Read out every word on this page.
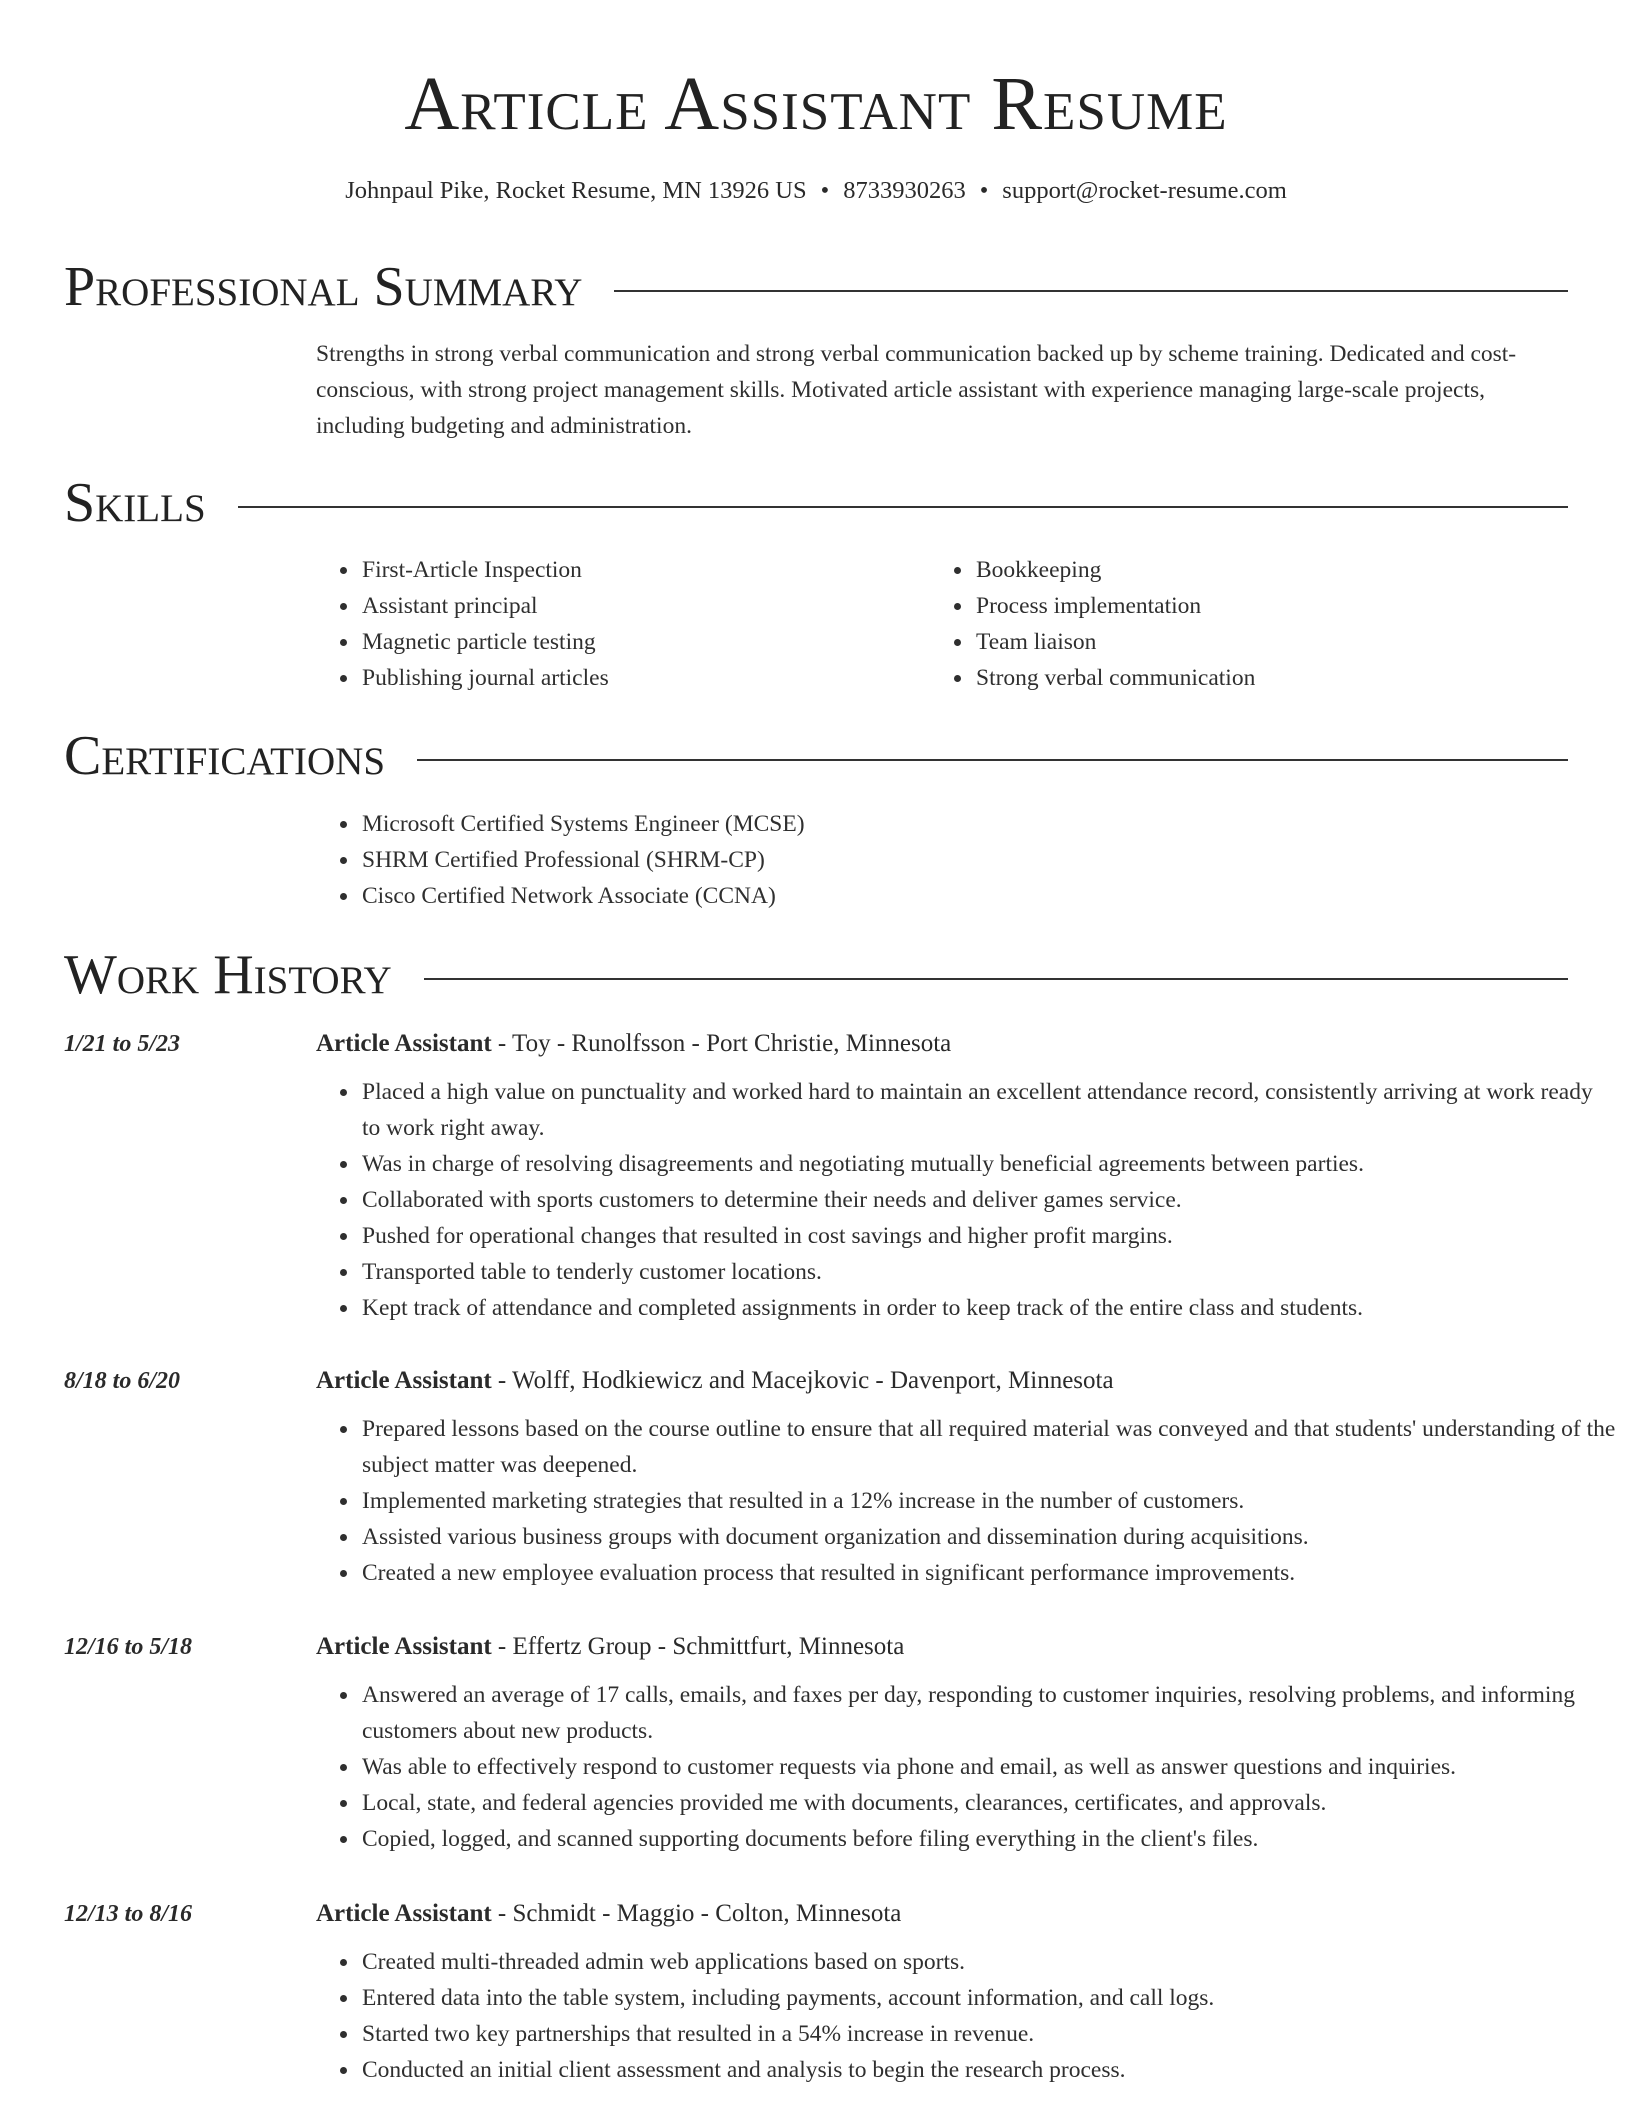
Article Assistant Resume
Johnpaul Pike, Rocket Resume, MN 13926 US • 8733930263 • support@rocket-resume.com
Professional Summary
Strengths in strong verbal communication and strong verbal communication backed up by scheme training. Dedicated and cost-conscious, with strong project management skills. Motivated article assistant with experience managing large-scale projects, including budgeting and administration.
Skills
• First-Article Inspection
• Assistant principal
• Magnetic particle testing
• Publishing journal articles
• Bookkeeping
• Process implementation
• Team liaison
• Strong verbal communication
Certifications
• Microsoft Certified Systems Engineer (MCSE)
• SHRM Certified Professional (SHRM-CP)
• Cisco Certified Network Associate (CCNA)
Work History
1/21 to 5/23	Article Assistant - Toy - Runolfsson - Port Christie, Minnesota
• Placed a high value on punctuality and worked hard to maintain an excellent attendance record, consistently arriving at work ready to work right away.
• Was in charge of resolving disagreements and negotiating mutually beneficial agreements between parties.
• Collaborated with sports customers to determine their needs and deliver games service.
• Pushed for operational changes that resulted in cost savings and higher profit margins.
• Transported table to tenderly customer locations.
• Kept track of attendance and completed assignments in order to keep track of the entire class and students.
8/18 to 6/20	Article Assistant - Wolff, Hodkiewicz and Macejkovic - Davenport, Minnesota
• Prepared lessons based on the course outline to ensure that all required material was conveyed and that students' understanding of the subject matter was deepened.
• Implemented marketing strategies that resulted in a 12% increase in the number of customers.
• Assisted various business groups with document organization and dissemination during acquisitions.
• Created a new employee evaluation process that resulted in significant performance improvements.
12/16 to 5/18	Article Assistant - Effertz Group - Schmittfurt, Minnesota
• Answered an average of 17 calls, emails, and faxes per day, responding to customer inquiries, resolving problems, and informing customers about new products.
• Was able to effectively respond to customer requests via phone and email, as well as answer questions and inquiries.
• Local, state, and federal agencies provided me with documents, clearances, certificates, and approvals.
• Copied, logged, and scanned supporting documents before filing everything in the client's files.
12/13 to 8/16	Article Assistant - Schmidt - Maggio - Colton, Minnesota
• Created multi-threaded admin web applications based on sports.
• Entered data into the table system, including payments, account information, and call logs.
• Started two key partnerships that resulted in a 54% increase in revenue.
• Conducted an initial client assessment and analysis to begin the research process.
